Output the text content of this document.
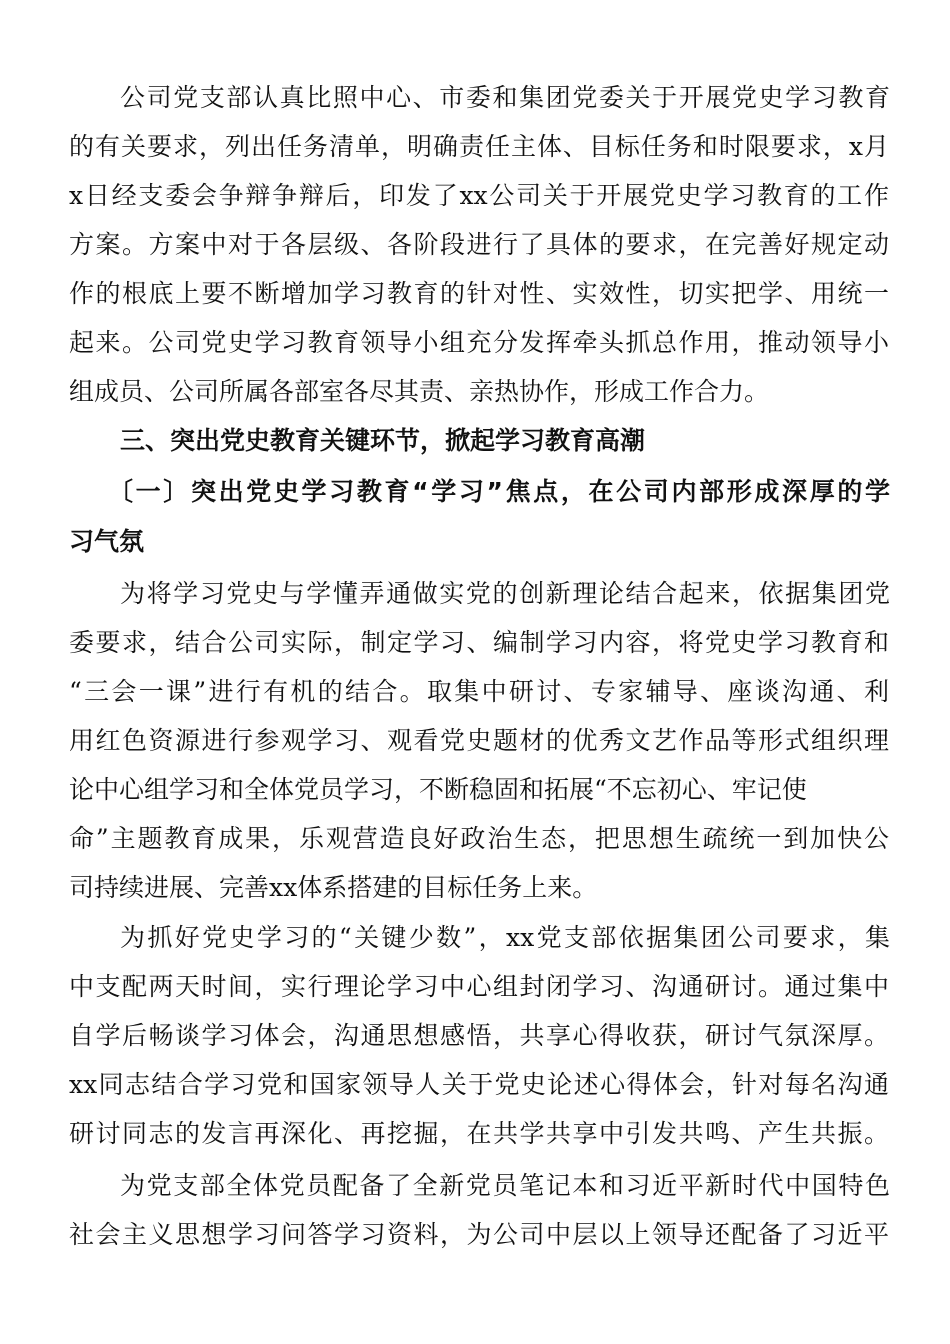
公司党支部认真比照中心、市委和集团党委关于开展党史学习教育
的有关要求，列出任务清单，明确责任主体、目标任务和时限要求，x月
x日经支委会争辩争辩后，印发了xx公司关于开展党史学习教育的工作
方案。方案中对于各层级、各阶段进行了具体的要求，在完善好规定动
作的根底上要不断增加学习教育的针对性、实效性，切实把学、用统一
起来。公司党史学习教育领导小组充分发挥牵头抓总作用，推动领导小
组成员、公司所属各部室各尽其责、亲热协作，形成工作合力。
三、突出党史教育关键环节，掀起学习教育高潮
〔一〕突出党史学习教育“学习”焦点，在公司内部形成深厚的学
习气氛
为将学习党史与学懂弄通做实党的创新理论结合起来，依据集团党
委要求，结合公司实际，制定学习、编制学习内容，将党史学习教育和
“三会一课”进行有机的结合。取集中研讨、专家辅导、座谈沟通、利
用红色资源进行参观学习、观看党史题材的优秀文艺作品等形式组织理
论中心组学习和全体党员学习，不断稳固和拓展“不忘初心、牢记使
命”主题教育成果，乐观营造良好政治生态，把思想生疏统一到加快公
司持续进展、完善xx体系搭建的目标任务上来。
为抓好党史学习的“关键少数”，xx党支部依据集团公司要求，集
中支配两天时间，实行理论学习中心组封闭学习、沟通研讨。通过集中
自学后畅谈学习体会，沟通思想感悟，共享心得收获，研讨气氛深厚。
xx同志结合学习党和国家领导人关于党史论述心得体会，针对每名沟通
研讨同志的发言再深化、再挖掘，在共学共享中引发共鸣、产生共振。
为党支部全体党员配备了全新党员笔记本和习近平新时代中国特色
社会主义思想学习问答学习资料，为公司中层以上领导还配备了习近平
